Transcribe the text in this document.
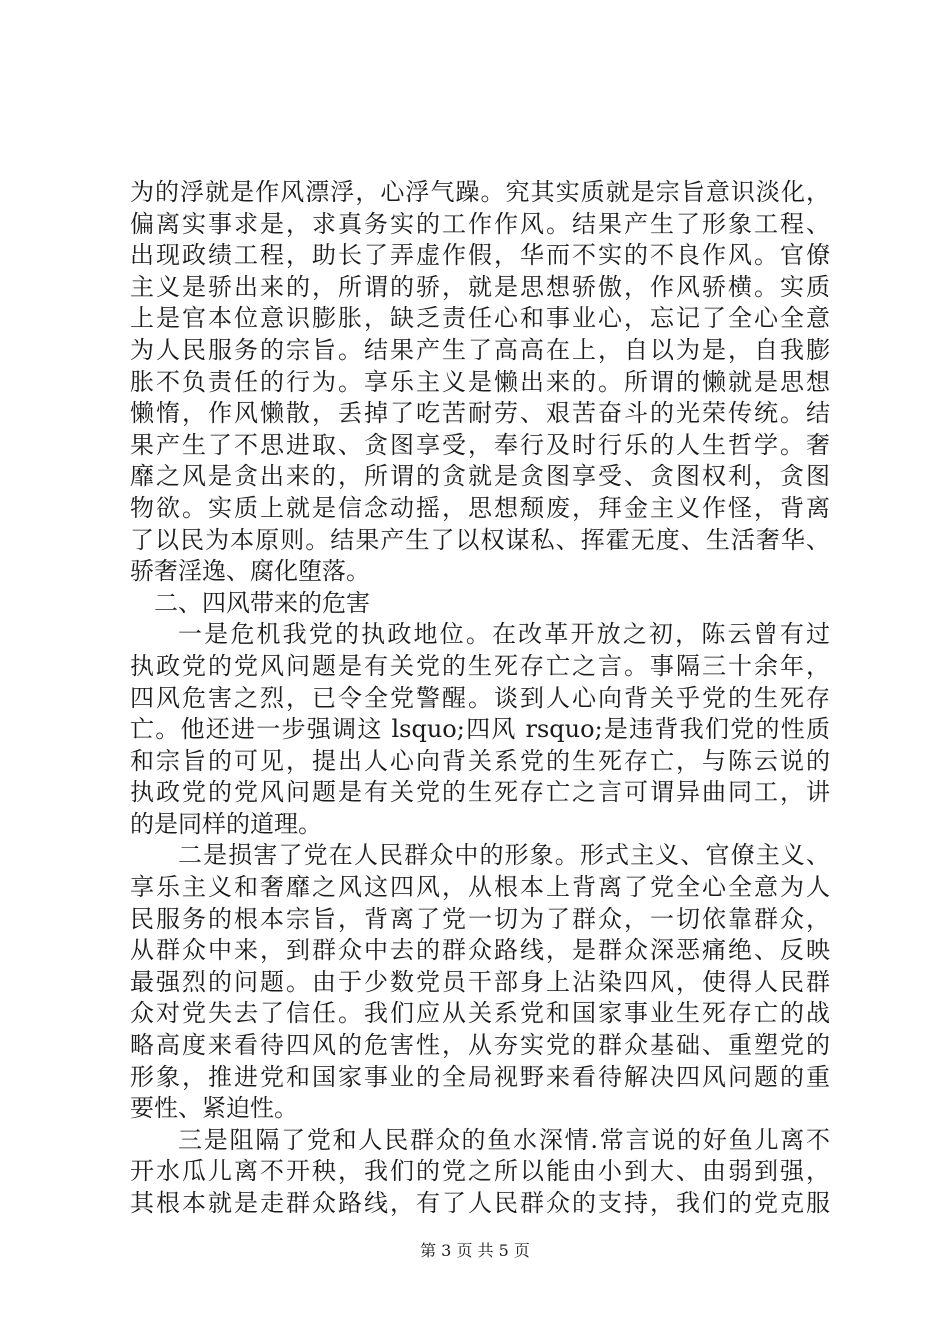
为的浮就是作风漂浮，心浮气躁。究其实质就是宗旨意识淡化，
偏离实事求是，求真务实的工作作风。结果产生了形象工程、
出现政绩工程，助长了弄虚作假，华而不实的不良作风。官僚
主义是骄出来的，所谓的骄，就是思想骄傲，作风骄横。实质
上是官本位意识膨胀，缺乏责任心和事业心，忘记了全心全意
为人民服务的宗旨。结果产生了高高在上，自以为是，自我膨
胀不负责任的行为。享乐主义是懒出来的。所谓的懒就是思想
懒惰，作风懒散，丢掉了吃苦耐劳、艰苦奋斗的光荣传统。结
果产生了不思进取、贪图享受，奉行及时行乐的人生哲学。奢
靡之风是贪出来的，所谓的贪就是贪图享受、贪图权利，贪图
物欲。实质上就是信念动摇，思想颓废，拜金主义作怪，背离
了以民为本原则。结果产生了以权谋私、挥霍无度、生活奢华、
骄奢淫逸、腐化堕落。
二、四风带来的危害
一是危机我党的执政地位。在改革开放之初，陈云曾有过
执政党的党风问题是有关党的生死存亡之言。事隔三十余年，
四风危害之烈，已令全党警醒。谈到人心向背关乎党的生死存
亡。他还进一步强调这 lsquo;四风 rsquo;是违背我们党的性质
和宗旨的可见，提出人心向背关系党的生死存亡，与陈云说的
执政党的党风问题是有关党的生死存亡之言可谓异曲同工，讲
的是同样的道理。
二是损害了党在人民群众中的形象。形式主义、官僚主义、
享乐主义和奢靡之风这四风，从根本上背离了党全心全意为人
民服务的根本宗旨，背离了党一切为了群众，一切依靠群众，
从群众中来，到群众中去的群众路线，是群众深恶痛绝、反映
最强烈的问题。由于少数党员干部身上沾染四风，使得人民群
众对党失去了信任。我们应从关系党和国家事业生死存亡的战
略高度来看待四风的危害性，从夯实党的群众基础、重塑党的
形象，推进党和国家事业的全局视野来看待解决四风问题的重
要性、紧迫性。
三是阻隔了党和人民群众的鱼水深情.常言说的好鱼儿离不
开水瓜儿离不开秧，我们的党之所以能由小到大、由弱到强，
其根本就是走群众路线，有了人民群众的支持，我们的党克服
第 3 页 共 5 页
